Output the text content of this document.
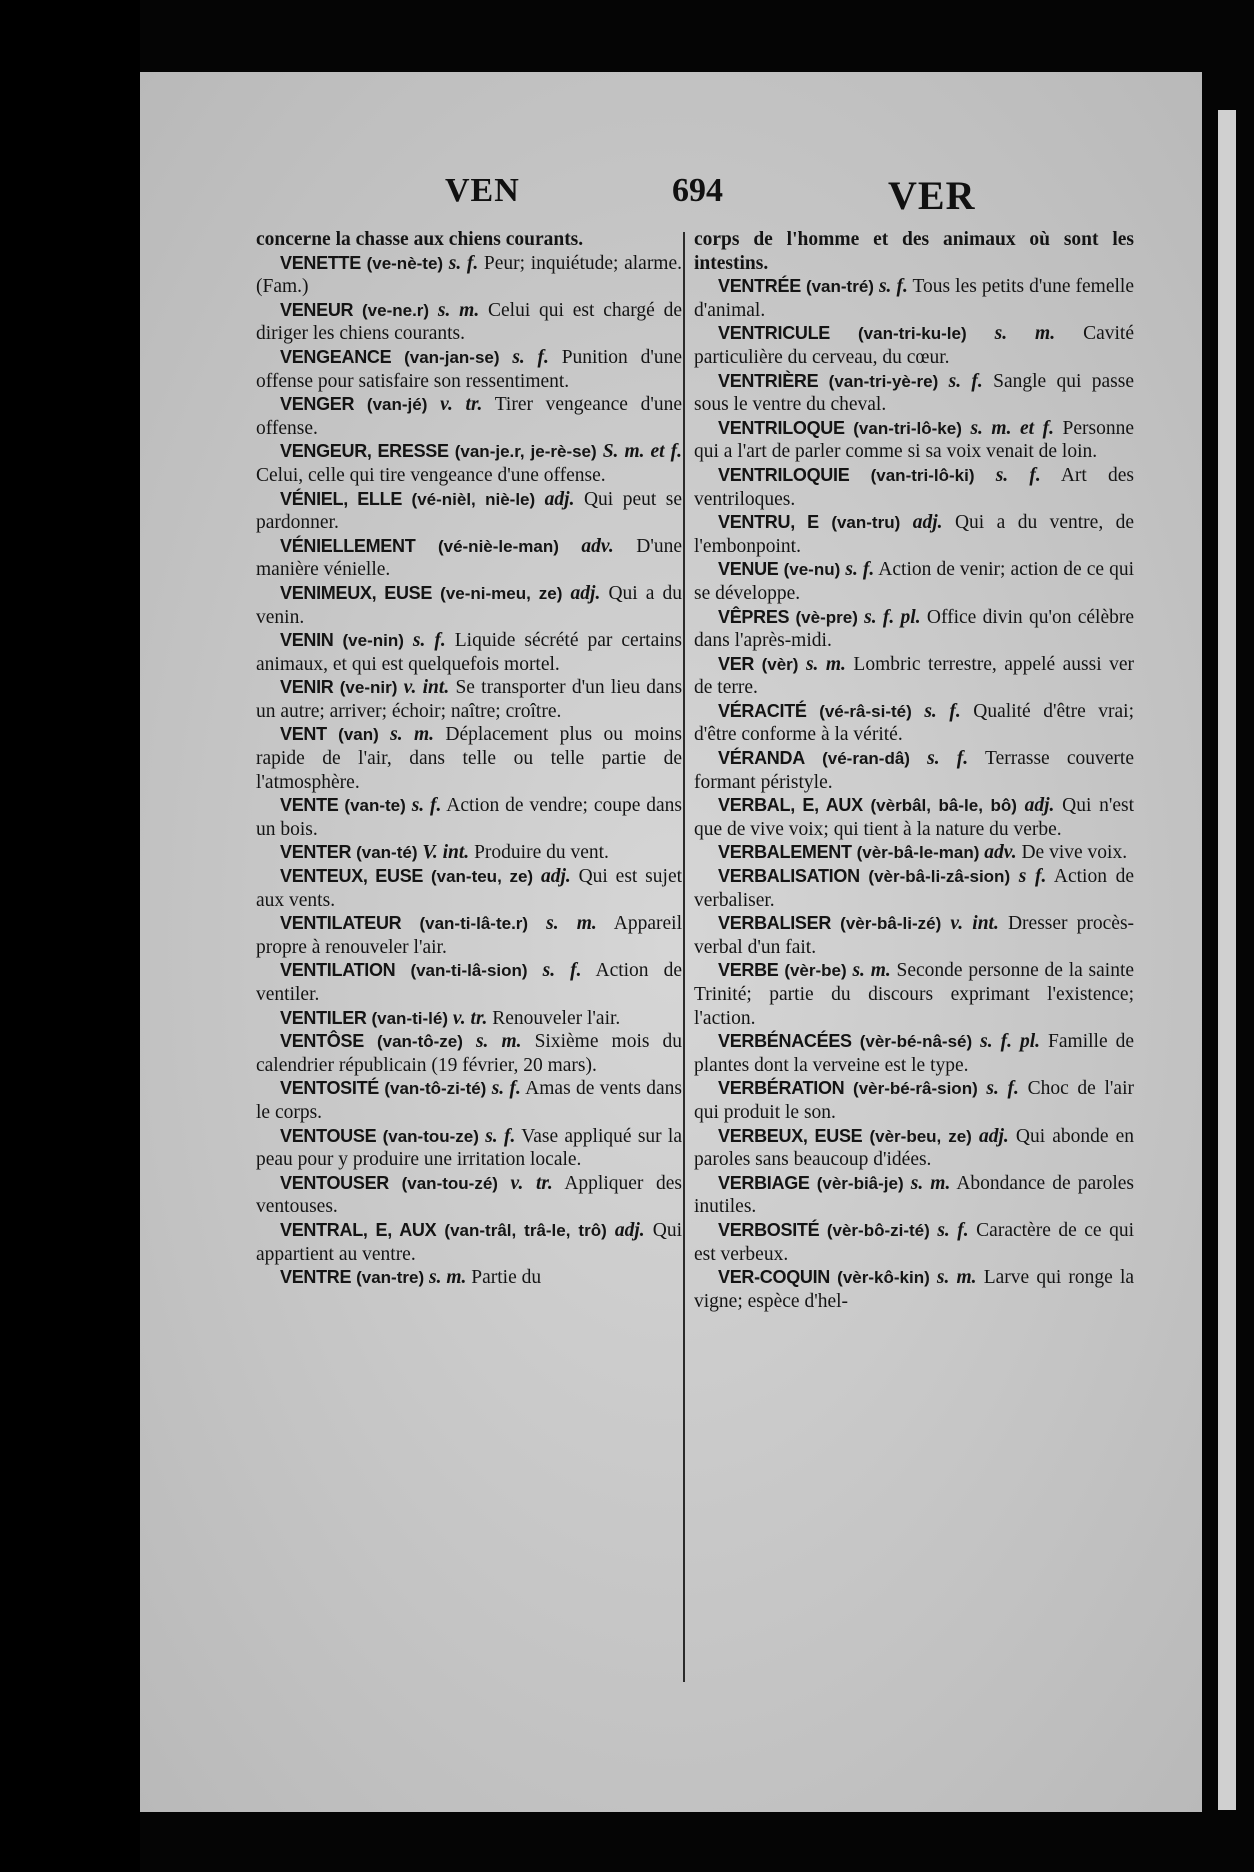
VEN	694	VER
concerne la chasse aux chiens courants.
VENETTE (ve-nè-te) s. f. Peur; inquiétude; alarme. (Fam.)
VENEUR (ve-ne.r) s. m. Celui qui est chargé de diriger les chiens courants.
VENGEANCE (van-jan-se) s. f. Punition d'une offense pour satisfaire son ressentiment.
VENGER (van-jé) v. tr. Tirer vengeance d'une offense.
VENGEUR, ERESSE (van-je.r, je-rè-se) S. m. et f. Celui, celle qui tire vengeance d'une offense.
VÉNIEL, ELLE (vé-nièl, niè-le) adj. Qui peut se pardonner.
VÉNIELLEMENT (vé-niè-le-man) adv. D'une manière vénielle.
VENIMEUX, EUSE (ve-ni-meu, ze) adj. Qui a du venin.
VENIN (ve-nin) s. f. Liquide sécrété par certains animaux, et qui est quelquefois mortel.
VENIR (ve-nir) v. int. Se transporter d'un lieu dans un autre; arriver; échoir; naître; croître.
VENT (van) s. m. Déplacement plus ou moins rapide de l'air, dans telle ou telle partie de l'atmosphère.
VENTE (van-te) s. f. Action de vendre; coupe dans un bois.
VENTER (van-té) V. int. Produire du vent.
VENTEUX, EUSE (van-teu, ze) adj. Qui est sujet aux vents.
VENTILATEUR (van-ti-lâ-te.r) s. m. Appareil propre à renouveler l'air.
VENTILATION (van-ti-lâ-sion) s. f. Action de ventiler.
VENTILER (van-ti-lé) v. tr. Renouveler l'air.
VENTÔSE (van-tô-ze) s. m. Sixième mois du calendrier républicain (19 février, 20 mars).
VENTOSITÉ (van-tô-zi-té) s. f. Amas de vents dans le corps.
VENTOUSE (van-tou-ze) s. f. Vase appliqué sur la peau pour y produire une irritation locale.
VENTOUSER (van-tou-zé) v. tr. Appliquer des ventouses.
VENTRAL, E, AUX (van-trâl, trâ-le, trô) adj. Qui appartient au ventre.
VENTRE (van-tre) s. m. Partie du
corps de l'homme et des animaux où sont les intestins.
VENTRÉE (van-tré) s. f. Tous les petits d'une femelle d'animal.
VENTRICULE (van-tri-ku-le) s. m. Cavité particulière du cerveau, du cœur.
VENTRIÈRE (van-tri-yè-re) s. f. Sangle qui passe sous le ventre du cheval.
VENTRILOQUE (van-tri-lô-ke) s. m. et f. Personne qui a l'art de parler comme si sa voix venait de loin.
VENTRILOQUIE (van-tri-lô-ki) s. f. Art des ventriloques.
VENTRU, E (van-tru) adj. Qui a du ventre, de l'embonpoint.
VENUE (ve-nu) s. f. Action de venir; action de ce qui se développe.
VÊPRES (vè-pre) s. f. pl. Office divin qu'on célèbre dans l'après-midi.
VER (vèr) s. m. Lombric terrestre, appelé aussi ver de terre.
VÉRACITÉ (vé-râ-si-té) s. f. Qualité d'être vrai; d'être conforme à la vérité.
VÉRANDA (vé-ran-dâ) s. f. Terrasse couverte formant péristyle.
VERBAL, E, AUX (vèrbâl, bâ-le, bô) adj. Qui n'est que de vive voix; qui tient à la nature du verbe.
VERBALEMENT (vèr-bâ-le-man) adv. De vive voix.
VERBALISATION (vèr-bâ-li-zâ-sion) s f. Action de verbaliser.
VERBALISER (vèr-bâ-li-zé) v. int. Dresser procès-verbal d'un fait.
VERBE (vèr-be) s. m. Seconde personne de la sainte Trinité; partie du discours exprimant l'existence; l'action.
VERBÉNACÉES (vèr-bé-nâ-sé) s. f. pl. Famille de plantes dont la verveine est le type.
VERBÉRATION (vèr-bé-râ-sion) s. f. Choc de l'air qui produit le son.
VERBEUX, EUSE (vèr-beu, ze) adj. Qui abonde en paroles sans beaucoup d'idées.
VERBIAGE (vèr-biâ-je) s. m. Abondance de paroles inutiles.
VERBOSITÉ (vèr-bô-zi-té) s. f. Caractère de ce qui est verbeux.
VER-COQUIN (vèr-kô-kin) s. m. Larve qui ronge la vigne; espèce d'hel-
